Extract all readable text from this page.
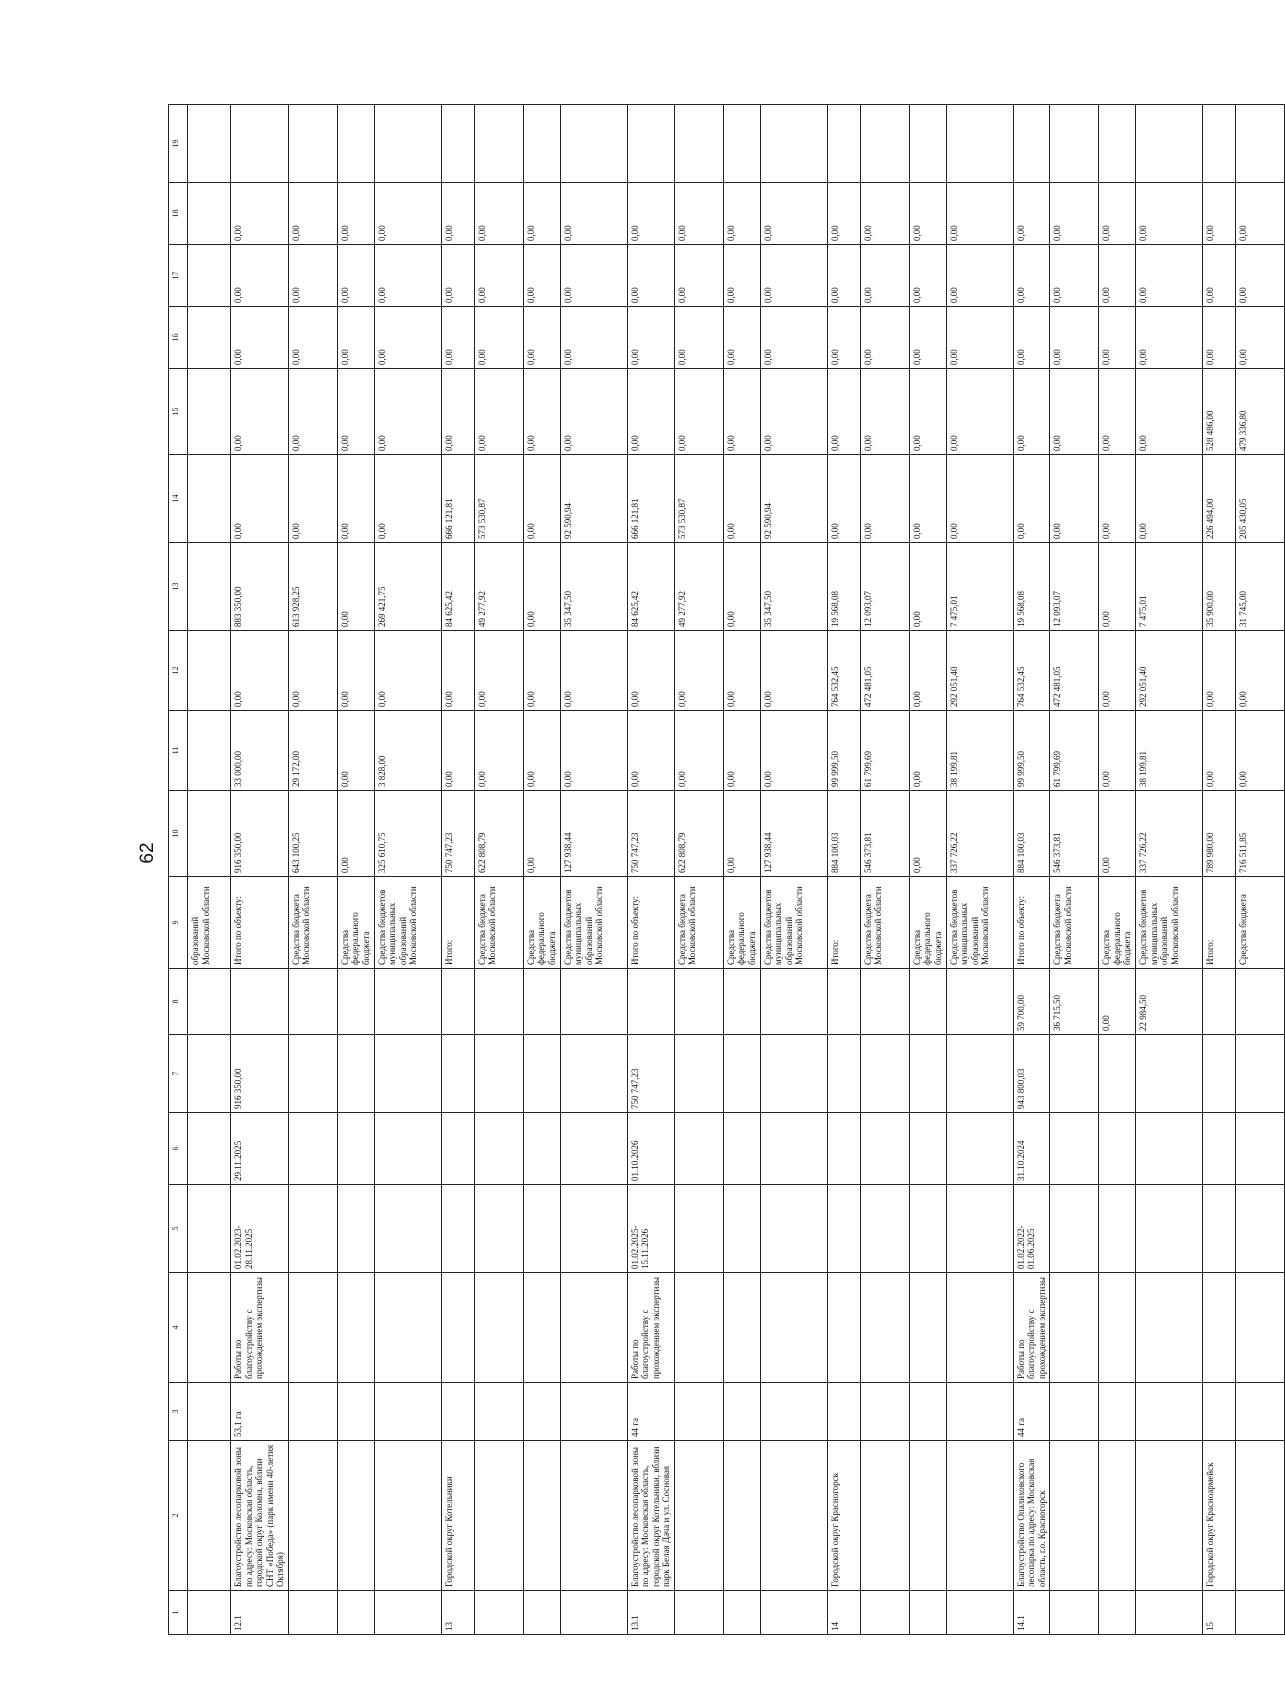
62
1	2	3	4	5	6	7	8	9	10	11	12	13	14	15	16	17	18	19
								образований Московской области										
12.1	Благоустройство лесопарковой зоны по адресу: Московская область, городской округ Коломна, вблизи СНТ «Победа» (парк имени 40-летия Октября)	53,1 га	Работы по благоустройству с прохождением экспертизы	01.02.2023-28.11.2025	29.11.2025	916 350,00		Итого по объекту:	916 350,00	33 000,00	0,00	883 350,00	0,00	0,00	0,00	0,00	0,00	
								Средства бюджета Московской области	643 100,25	29 172,00	0,00	613 928,25	0,00	0,00	0,00	0,00	0,00	
								Средства федерального бюджета	0,00	0,00	0,00	0,00	0,00	0,00	0,00	0,00	0,00	
								Средства бюджетов муниципальных образований Московской области	325 610,75	3 828,00	0,00	269 421,75	0,00	0,00	0,00	0,00	0,00	
13	Городской округ Котельники							Итого:	750 747,23	0,00	0,00	84 625,42	666 121,81	0,00	0,00	0,00	0,00	
								Средства бюджета Московской области	622 808,79	0,00	0,00	49 277,92	573 530,87	0,00	0,00	0,00	0,00	
								Средства федерального бюджета	0,00	0,00	0,00	0,00	0,00	0,00	0,00	0,00	0,00	
								Средства бюджетов муниципальных образований Московской области	127 938,44	0,00	0,00	35 347,50	92 590,94	0,00	0,00	0,00	0,00	
13.1	Благоустройство лесопарковой зоны по адресу: Московская область, городской округ Котельники, вблизи парк Белая Дача и ул. Сосновая	44 га	Работы по благоустройству с прохождением экспертизы	01.02.2025-15.11.2026	01.10.2026	750 747,23		Итого по объекту:	750 747,23	0,00	0,00	84 625,42	666 121,81	0,00	0,00	0,00	0,00	
								Средства бюджета Московской области	622 808,79	0,00	0,00	49 277,92	573 530,87	0,00	0,00	0,00	0,00	
								Средства федерального бюджета	0,00	0,00	0,00	0,00	0,00	0,00	0,00	0,00	0,00	
								Средства бюджетов муниципальных образований Московской области	127 938,44	0,00	0,00	35 347,50	92 590,94	0,00	0,00	0,00	0,00	
14	Городской округ Красногорск							Итого:	884 100,03	99 999,50	764 532,45	19 568,08	0,00	0,00	0,00	0,00	0,00	
								Средства бюджета Московской области	546 373,81	61 799,69	472 481,05	12 093,07	0,00	0,00	0,00	0,00	0,00	
								Средства федерального бюджета	0,00	0,00	0,00	0,00	0,00	0,00	0,00	0,00	0,00	
								Средства бюджетов муниципальных образований Московской области	337 726,22	38 199,81	292 051,40	7 475,01	0,00	0,00	0,00	0,00	0,00	
14.1	Благоустройство Опалиховского лесопарка по адресу: Московская область, г.о. Красногорск	44 га	Работы по благоустройству с прохождением экспертизы	01.02.2022-01.06.2025	31.10.2024	943 800,03	59 700,00	Итого по объекту:	884 100,03	99 999,50	764 532,45	19 568,08	0,00	0,00	0,00	0,00	0,00	
							36 715,50	Средства бюджета Московской области	546 373,81	61 799,69	472 481,05	12 093,07	0,00	0,00	0,00	0,00	0,00	
							0,00	Средства федерального бюджета	0,00	0,00	0,00	0,00	0,00	0,00	0,00	0,00	0,00	
							22 984,50	Средства бюджетов муниципальных образований Московской области	337 726,22	38 199,81	292 051,40	7 475,01	0,00	0,00	0,00	0,00	0,00	
15	Городской округ Красноармейск							Итого:	789 980,00	0,00	0,00	35 900,00	226 494,00	528 486,00	0,00	0,00	0,00	
								Средства бюджета	716 511,85	0,00	0,00	31 745,00	205 430,05	479 336,80	0,00	0,00	0,00	
